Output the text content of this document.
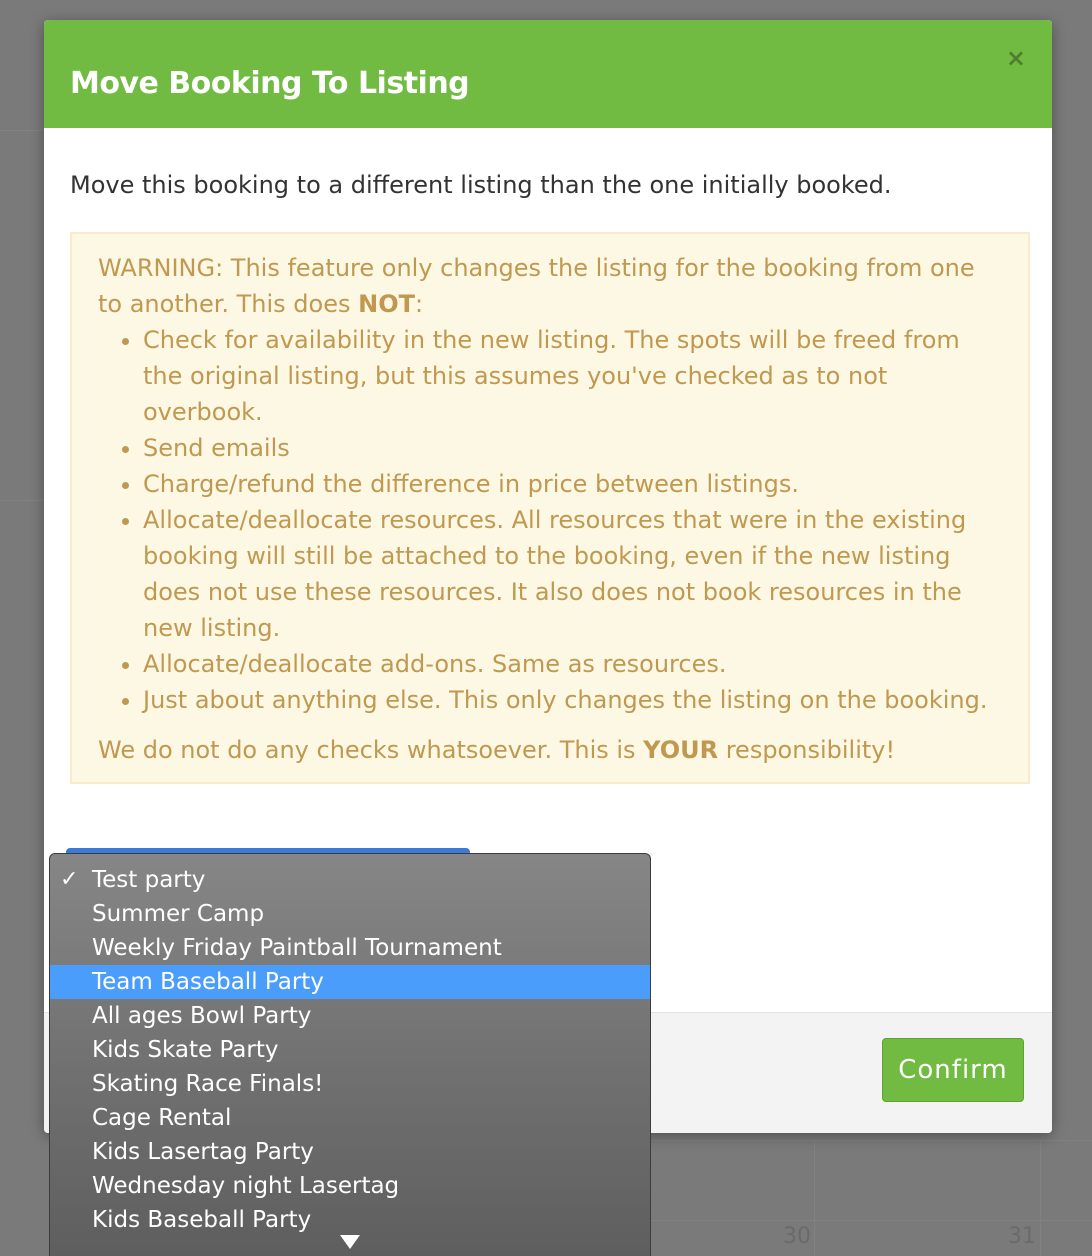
30	31
Move Booking To Listing
×

Move this booking to a different listing than the one initially booked.

WARNING: This feature only changes the listing for the booking from one to another. This does NOT:

• Check for availability in the new listing. The spots will be freed from the original listing, but this assumes you've checked as to not overbook.
• Send emails
• Charge/refund the difference in price between listings.
• Allocate/deallocate resources. All resources that were in the existing booking will still be attached to the booking, even if the new listing does not use these resources. It also does not book resources in the new listing.
• Allocate/deallocate add-ons. Same as resources.
• Just about anything else. This only changes the listing on the booking.

We do not do any checks whatsoever. This is YOUR responsibility!

Confirm
✓ Test party
Summer Camp
Weekly Friday Paintball Tournament
Team Baseball Party
All ages Bowl Party
Kids Skate Party
Skating Race Finals!
Cage Rental
Kids Lasertag Party
Wednesday night Lasertag
Kids Baseball Party
